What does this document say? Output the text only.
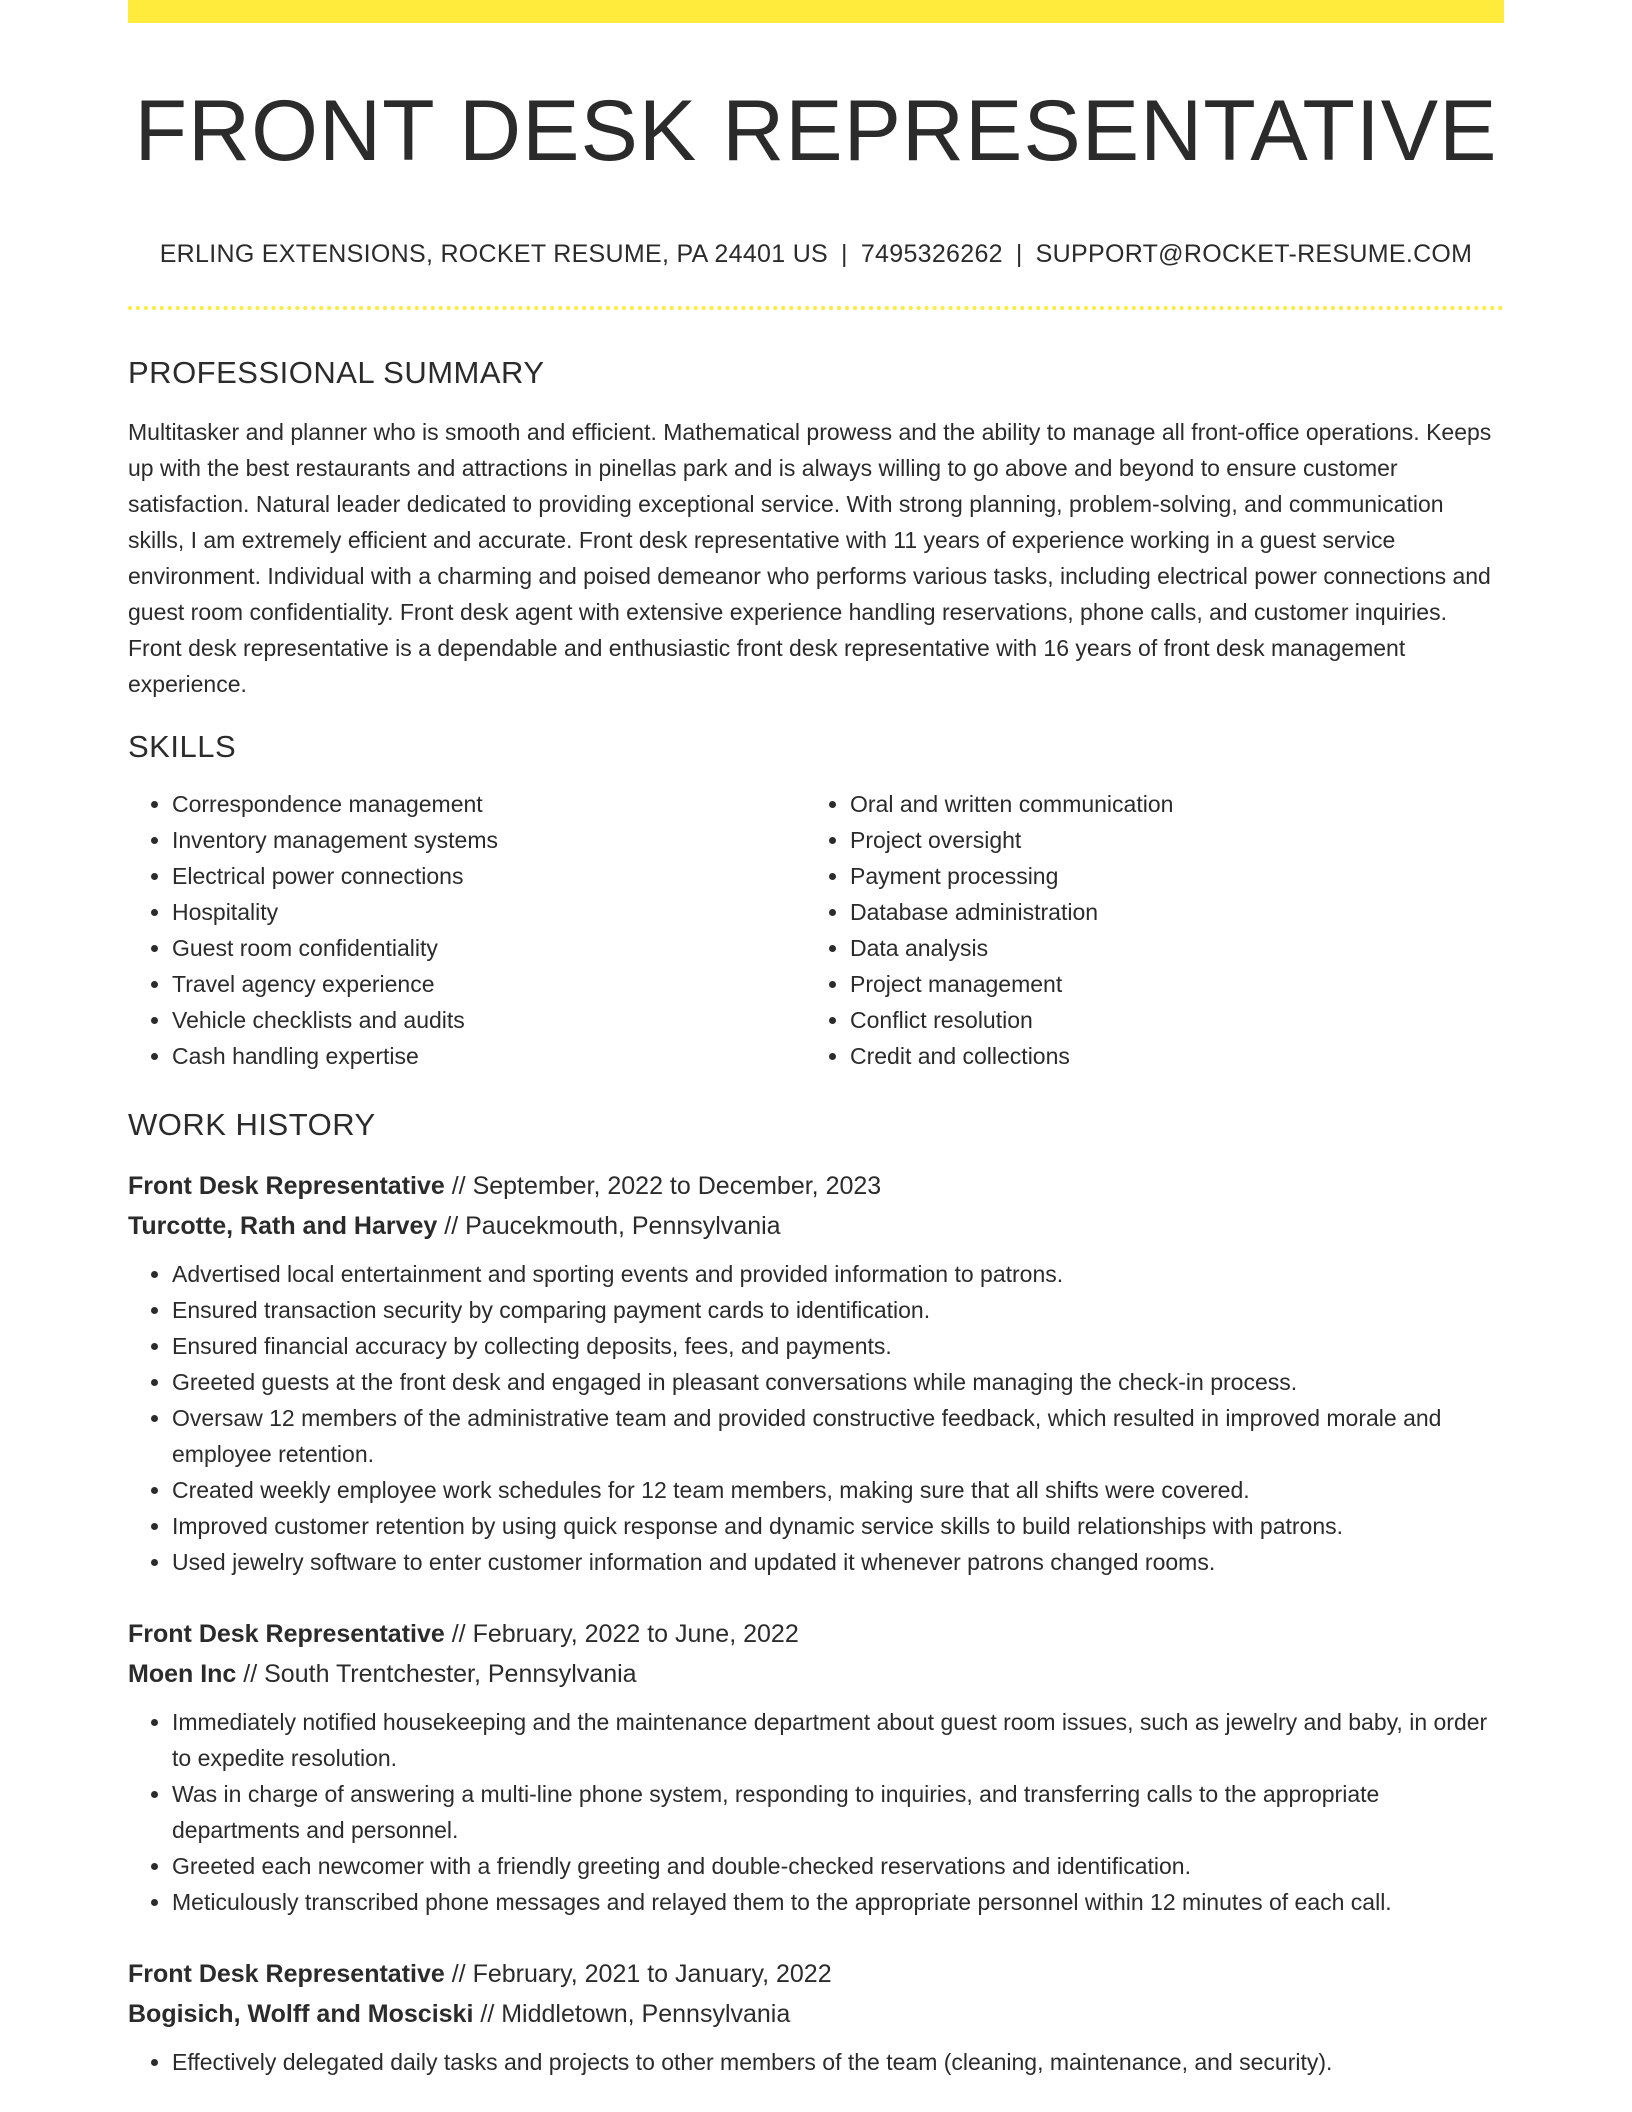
FRONT DESK REPRESENTATIVE
ERLING EXTENSIONS, ROCKET RESUME, PA 24401 US | 7495326262 | SUPPORT@ROCKET-RESUME.COM
PROFESSIONAL SUMMARY

Multitasker and planner who is smooth and efficient. Mathematical prowess and the ability to manage all front-office operations. Keeps up with the best restaurants and attractions in pinellas park and is always willing to go above and beyond to ensure customer satisfaction. Natural leader dedicated to providing exceptional service. With strong planning, problem-solving, and communication skills, I am extremely efficient and accurate. Front desk representative with 11 years of experience working in a guest service environment. Individual with a charming and poised demeanor who performs various tasks, including electrical power connections and guest room confidentiality. Front desk agent with extensive experience handling reservations, phone calls, and customer inquiries. Front desk representative is a dependable and enthusiastic front desk representative with 16 years of front desk management experience.

SKILLS
• Correspondence management
• Inventory management systems
• Electrical power connections
• Hospitality
• Guest room confidentiality
• Travel agency experience
• Vehicle checklists and audits
• Cash handling expertise
• Oral and written communication
• Project oversight
• Payment processing
• Database administration
• Data analysis
• Project management
• Conflict resolution
• Credit and collections
WORK HISTORY
Front Desk Representative // September, 2022 to December, 2023
Turcotte, Rath and Harvey // Paucekmouth, Pennsylvania
• Advertised local entertainment and sporting events and provided information to patrons.
• Ensured transaction security by comparing payment cards to identification.
• Ensured financial accuracy by collecting deposits, fees, and payments.
• Greeted guests at the front desk and engaged in pleasant conversations while managing the check-in process.
• Oversaw 12 members of the administrative team and provided constructive feedback, which resulted in improved morale and employee retention.
• Created weekly employee work schedules for 12 team members, making sure that all shifts were covered.
• Improved customer retention by using quick response and dynamic service skills to build relationships with patrons.
• Used jewelry software to enter customer information and updated it whenever patrons changed rooms.
Front Desk Representative // February, 2022 to June, 2022
Moen Inc // South Trentchester, Pennsylvania
• Immediately notified housekeeping and the maintenance department about guest room issues, such as jewelry and baby, in order to expedite resolution.
• Was in charge of answering a multi-line phone system, responding to inquiries, and transferring calls to the appropriate departments and personnel.
• Greeted each newcomer with a friendly greeting and double-checked reservations and identification.
• Meticulously transcribed phone messages and relayed them to the appropriate personnel within 12 minutes of each call.
Front Desk Representative // February, 2021 to January, 2022
Bogisich, Wolff and Mosciski // Middletown, Pennsylvania
• Effectively delegated daily tasks and projects to other members of the team (cleaning, maintenance, and security).
